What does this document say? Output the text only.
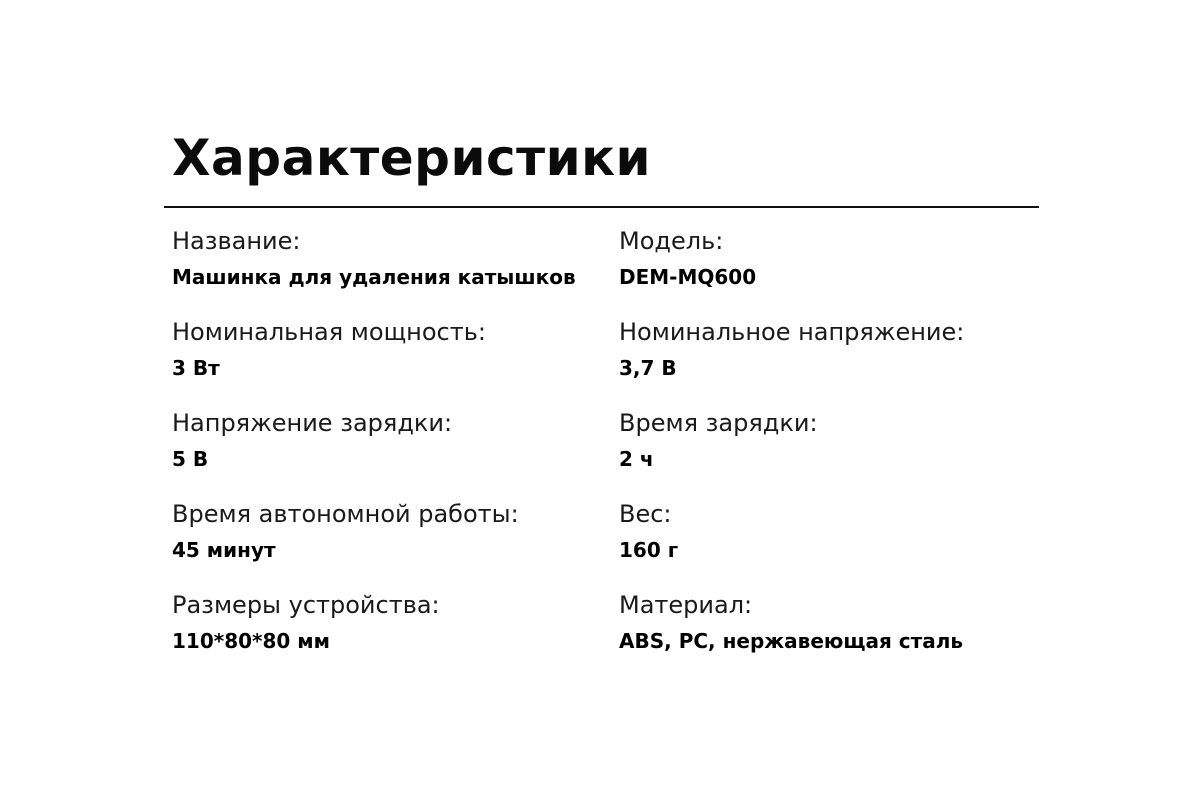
Характеристики
Название:
Машинка для удаления катышков
Модель:
DEM-MQ600
Номинальная мощность:
3 Вт
Номинальное напряжение:
3,7 В
Напряжение зарядки:
5 В
Время зарядки:
2 ч
Время автономной работы:
45 минут
Вес:
160 г
Размеры устройства:
110*80*80 мм
Материал:
ABS, PC, нержавеющая сталь
